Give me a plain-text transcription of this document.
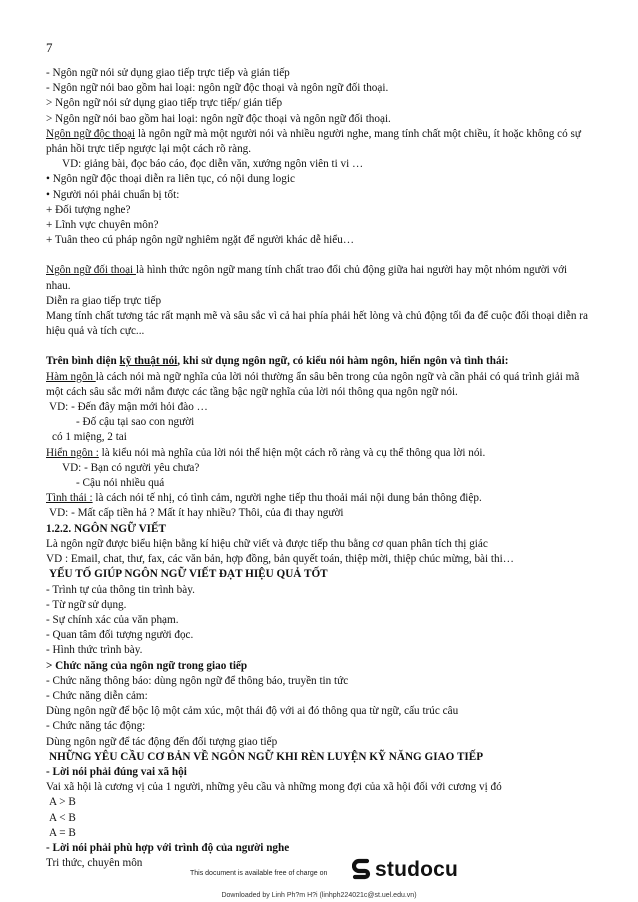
7
- Ngôn ngữ nói sử dụng giao tiếp trực tiếp và gián tiếp
- Ngôn ngữ nói bao gồm hai loại: ngôn ngữ độc thoại và ngôn ngữ đối thoại.
> Ngôn ngữ nói sử dụng giao tiếp trực tiếp/ gián tiếp
> Ngôn ngữ nói bao gồm hai loại: ngôn ngữ độc thoại và ngôn ngữ đối thoại.
Ngôn ngữ độc thoại là ngôn ngữ mà một người nói và nhiều người nghe, mang tính chất một chiều, ít hoặc không có sự phản hồi trực tiếp ngược lại một cách rõ ràng.
VD: giảng bài, đọc báo cáo, đọc diễn văn, xướng ngôn viên ti vi …
• Ngôn ngữ độc thoại diễn ra liên tục, có nội dung logic
• Người nói phải chuẩn bị tốt:
+ Đối tượng nghe?
+ Lĩnh vực chuyên môn?
+ Tuân theo cú pháp ngôn ngữ nghiêm ngặt để người khác dễ hiểu…
Ngôn ngữ đối thoại là hình thức ngôn ngữ mang tính chất trao đổi chủ động giữa hai người hay một nhóm người với nhau.
Diễn ra giao tiếp trực tiếp
Mang tính chất tương tác rất mạnh mẽ và sâu sắc vì cả hai phía phải hết lòng và chủ động tối đa để cuộc đối thoại diễn ra hiệu quả và tích cực...
Trên bình diện kỹ thuật nói, khi sử dụng ngôn ngữ, có kiểu nói hàm ngôn, hiển ngôn và tình thái:
Hàm ngôn là cách nói mà ngữ nghĩa của lời nói thường ẩn sâu bên trong của ngôn ngữ và cần phải có quá trình giải mã một cách sâu sắc mới nắm được các tầng bậc ngữ nghĩa của lời nói thông qua ngôn ngữ nói.
VD: - Đến đây mận mới hỏi đào …
- Đố cậu tại sao con người
có 1 miệng, 2 tai
Hiển ngôn : là kiểu nói mà nghĩa của lời nói thể hiện một cách rõ ràng và cụ thể thông qua lời nói.
VD: - Bạn có người yêu chưa?
- Cậu nói nhiều quá
Tình thái : là cách nói tế nhị, có tình cảm, người nghe tiếp thu thoải mái nội dung bản thông điệp.
VD: - Mất cấp tiền hả ? Mất ít hay nhiều? Thôi, của đi thay người
1.2.2. NGÔN NGỮ VIẾT
Là ngôn ngữ được biểu hiện bằng kí hiệu chữ viết và được tiếp thu bằng cơ quan phân tích thị giác
VD : Email, chat, thư, fax, các văn bản, hợp đồng, bản quyết toán, thiệp mời, thiệp chúc mừng, bài thi…
YẾU TỐ GIÚP NGÔN NGỮ VIẾT ĐẠT HIỆU QUẢ TỐT
- Trình tự của thông tin trình bày.
- Từ ngữ sử dụng.
- Sự chính xác của văn phạm.
- Quan tâm đối tượng người đọc.
- Hình thức trình bày.
> Chức năng của ngôn ngữ trong giao tiếp
- Chức năng thông báo: dùng ngôn ngữ để thông báo, truyền tin tức
- Chức năng diễn cảm:
Dùng ngôn ngữ để bộc lộ một cảm xúc, một thái độ với ai đó thông qua từ ngữ, cấu trúc câu
- Chức năng tác động:
Dùng ngôn ngữ để tác động đến đối tượng giao tiếp
NHỮNG YÊU CẦU CƠ BẢN VỀ NGÔN NGỮ KHI RÈN LUYỆN KỸ NĂNG GIAO TIẾP
- Lời nói phải đúng vai xã hội
Vai xã hội là cương vị của 1 người, những yêu cầu và những mong đợi của xã hội đối với cương vị đó
A > B
A < B
A = B
- Lời nói phải phù hợp với trình độ của người nghe
Tri thức, chuyên môn
This document is available free of charge on studocu
Downloaded by Linh Ph?m H?i (linhph224021c@st.uel.edu.vn)
